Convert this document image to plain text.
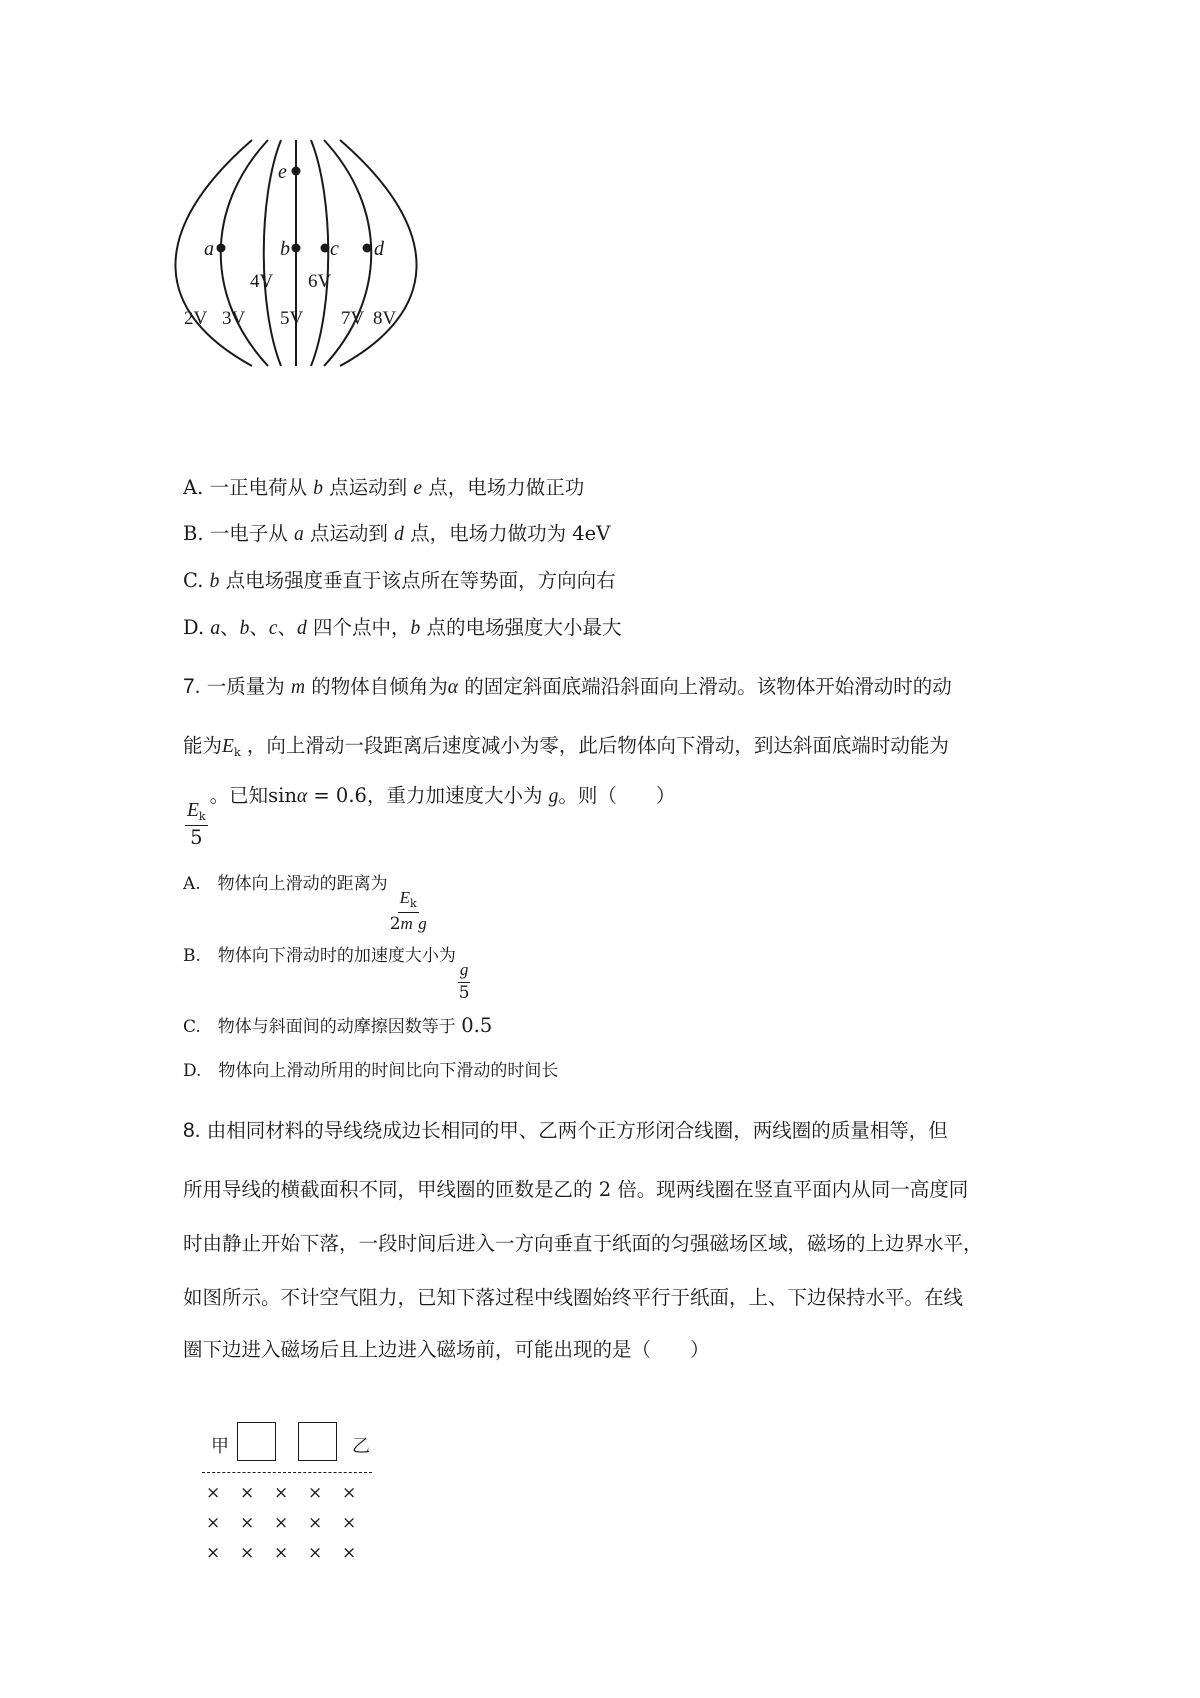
e
a	b c d
4V 6V
2V 3V 5V 7V 8V
A. 一正电荷从 b 点运动到 e 点，电场力做正功
B. 一电子从 a 点运动到 d 点，电场力做功为 4eV
C. b 点电场强度垂直于该点所在等势面，方向向右
D. a、b、c、d 四个点中，b 点的电场强度大小最大
7. 一质量为 m 的物体自倾角为α 的固定斜面底端沿斜面向上滑动。该物体开始滑动时的动
能为$E_k$ ，向上滑动一段距离后速度减小为零，此后物体向下滑动，到达斜面底端时动能为
$\frac{E_k}{5}$
。已知sinα = 0.6，重力加速度大小为 g。则（　　）
A.　物体向上滑动的距离为
$\frac{E_k}{\text{2m g}}$
B.　物体向下滑动时的加速度大小为
$\frac{g}{5}$
C.　物体与斜面间的动摩擦因数等于 0.5
D.　物体向上滑动所用的时间比向下滑动的时间长
8. 由相同材料的导线绕成边长相同的甲、乙两个正方形闭合线圈，两线圈的质量相等，但
所用导线的横截面积不同，甲线圈的匝数是乙的 2 倍。现两线圈在竖直平面内从同一高度同
时由静止开始下落，一段时间后进入一方向垂直于纸面的匀强磁场区域，磁场的上边界水平，
如图所示。不计空气阻力，已知下落过程中线圈始终平行于纸面，上、下边保持水平。在线
圈下边进入磁场后且上边进入磁场前，可能出现的是（　　）
甲	乙
×	×	×	×	×
×	×	×	×	×
×	×	×	×	×
